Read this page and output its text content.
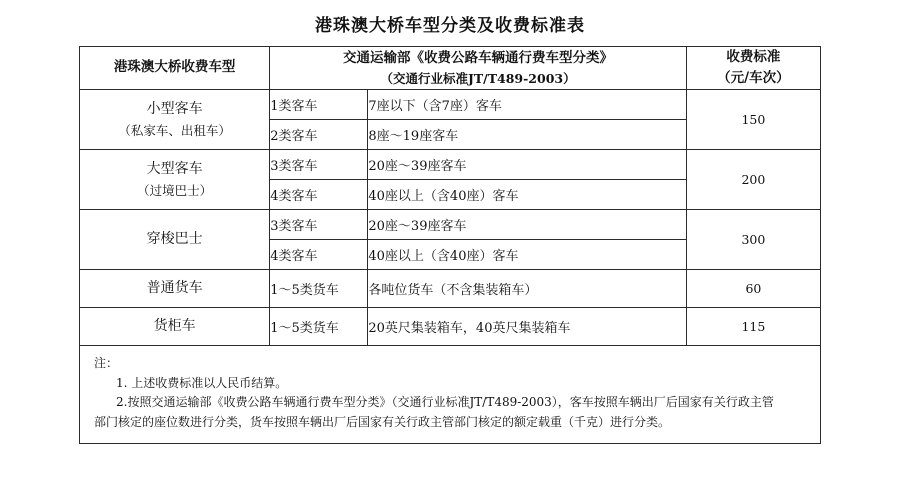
港珠澳大桥车型分类及收费标准表
港珠澳大桥收费车型	
交通运输部《收费公路车辆通行费车型分类》
（交通行业标准JT/T489-2003）

收费标准
（元/车次）

小型客车
（私家车、出租车）	1类客车	7座以下（含7座）客车	150
	2类客车	8座～19座客车	

大型客车
（过境巴士）	3类客车	20座～39座客车	200
	4类客车	40座以上（含40座）客车	

穿梭巴士	3类客车	20座～39座客车	300
	4类客车	40座以上（含40座）客车	
普通货车	1～5类货车	各吨位货车（不含集装箱车）	60
货柜车	1～5类货车	20英尺集装箱车，40英尺集装箱车	115
注：
1. 上述收费标准以人民币结算。
2.按照交通运输部《收费公路车辆通行费车型分类》（交通行业标准JT/T489-2003），客车按照车辆出厂后国家有关行政主管
部门核定的座位数进行分类，货车按照车辆出厂后国家有关行政主管部门核定的额定载重（千克）进行分类。
